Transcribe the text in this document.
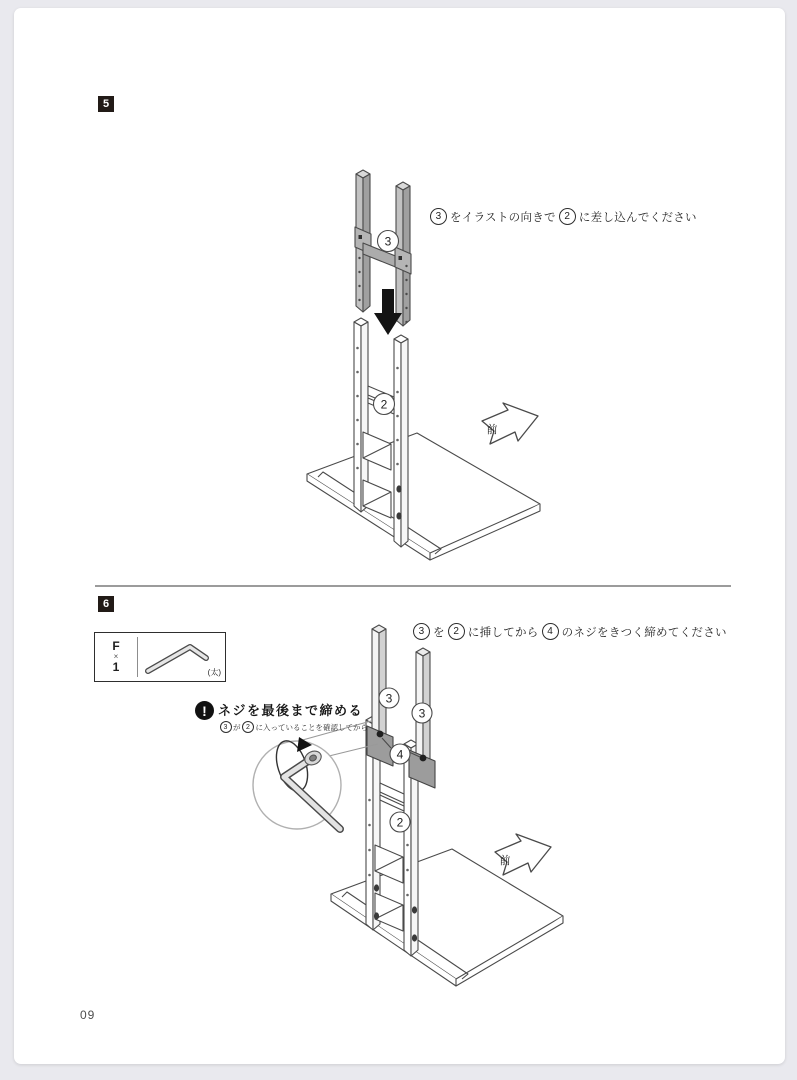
5
3 をイラストの向きで 2 に差し込んでください
3
2
前
6
3 を 2 に挿してから 4 のネジをきつく締めてください
F
×
1	(太)
! ネジを最後まで締める
3 が 2 に入っていることを確認してから
3
3
4
2
前
09
